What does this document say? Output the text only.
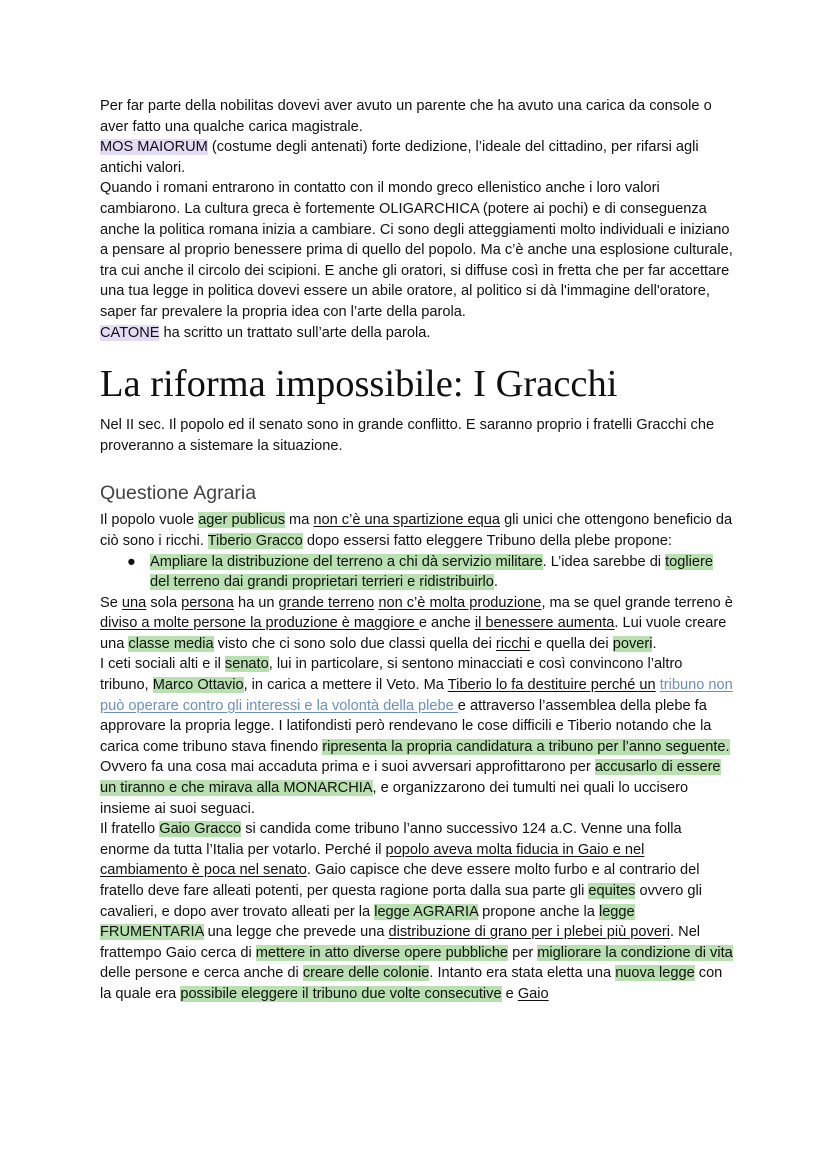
Per far parte della nobilitas dovevi aver avuto un parente che ha avuto una carica da console o aver fatto una qualche carica magistrale.

MOS MAIORUM (costume degli antenati) forte dedizione, l’ideale del cittadino, per rifarsi agli antichi valori.

Quando i romani entrarono in contatto con il mondo greco ellenistico anche i loro valori cambiarono. La cultura greca è fortemente OLIGARCHICA (potere ai pochi) e di conseguenza anche la politica romana inizia a cambiare. Ci sono degli atteggiamenti molto individuali e iniziano a pensare al proprio benessere prima di quello del popolo. Ma c’è anche una esplosione culturale, tra cui anche il circolo dei scipioni. E anche gli oratori, si diffuse così in fretta che per far accettare una tua legge in politica dovevi essere un abile oratore, al politico si dà l'immagine dell'oratore, saper far prevalere la propria idea con l’arte della parola.

CATONE ha scritto un trattato sull’arte della parola.

La riforma impossibile: I Gracchi

Nel II sec. Il popolo ed il senato sono in grande conflitto. E saranno proprio i fratelli Gracchi che proveranno a sistemare la situazione.

Questione Agraria

Il popolo vuole ager publicus ma non c’è una spartizione equa gli unici che ottengono beneficio da ciò sono i ricchi. Tiberio Gracco dopo essersi fatto eleggere Tribuno della plebe propone:

● Ampliare la distribuzione del terreno a chi dà servizio militare. L’idea sarebbe di togliere del terreno dai grandi proprietari terrieri e ridistribuirlo.

Se una sola persona ha un grande terreno non c’è molta produzione, ma se quel grande terreno è diviso a molte persone la produzione è maggiore e anche il benessere aumenta. Lui vuole creare una classe media visto che ci sono solo due classi quella dei ricchi e quella dei poveri.

I ceti sociali alti e il senato, lui in particolare, si sentono minacciati e così convincono l’altro tribuno, Marco Ottavio, in carica a mettere il Veto. Ma Tiberio lo fa destituire perché un tribuno non può operare contro gli interessi e la volontà della plebe e attraverso l’assemblea della plebe fa approvare la propria legge. I latifondisti però rendevano le cose difficili e Tiberio notando che la carica come tribuno stava finendo ripresenta la propria candidatura a tribuno per l’anno seguente. Ovvero fa una cosa mai accaduta prima e i suoi avversari approfittarono per accusarlo di essere un tiranno e che mirava alla MONARCHIA, e organizzarono dei tumulti nei quali lo uccisero insieme ai suoi seguaci.

Il fratello Gaio Gracco si candida come tribuno l’anno successivo 124 a.C. Venne una folla enorme da tutta l’Italia per votarlo. Perché il popolo aveva molta fiducia in Gaio e nel cambiamento è poca nel senato. Gaio capisce che deve essere molto furbo e al contrario del fratello deve fare alleati potenti, per questa ragione porta dalla sua parte gli equites ovvero gli cavalieri, e dopo aver trovato alleati per la legge AGRARIA propone anche la legge FRUMENTARIA una legge che prevede una distribuzione di grano per i plebei più poveri. Nel frattempo Gaio cerca di mettere in atto diverse opere pubbliche per migliorare la condizione di vita delle persone e cerca anche di creare delle colonie. Intanto era stata eletta una nuova legge con la quale era possibile eleggere il tribuno due volte consecutive e Gaio
